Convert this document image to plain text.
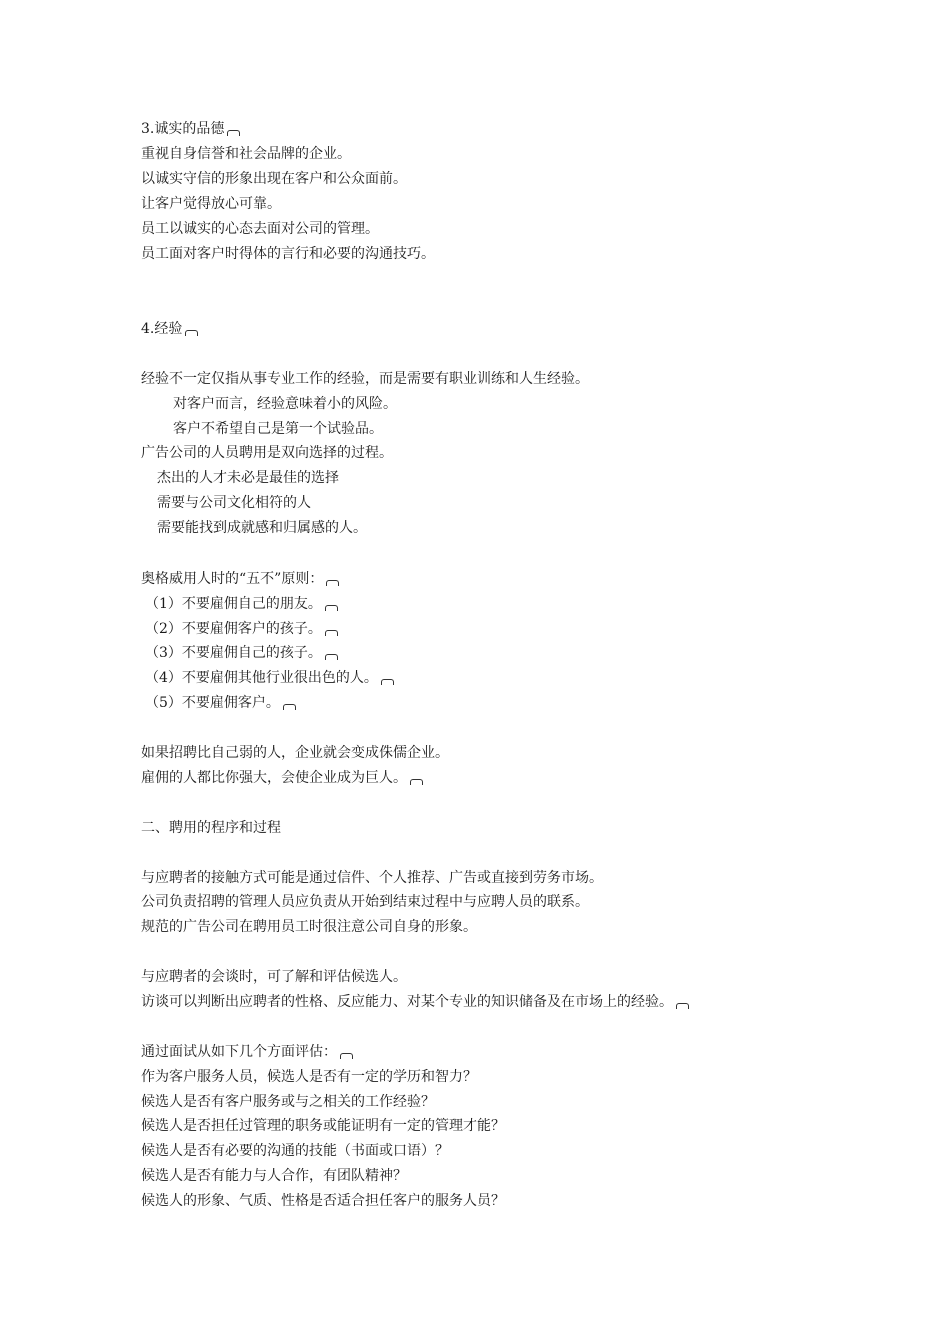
3.诚实的品德
重视自身信誉和社会品牌的企业。
以诚实守信的形象出现在客户和公众面前。
让客户觉得放心可靠。
员工以诚实的心态去面对公司的管理。
员工面对客户时得体的言行和必要的沟通技巧。
4.经验
经验不一定仅指从事专业工作的经验，而是需要有职业训练和人生经验。
对客户而言，经验意味着小的风险。
客户不希望自己是第一个试验品。
广告公司的人员聘用是双向选择的过程。
杰出的人才未必是最佳的选择
需要与公司文化相符的人
需要能找到成就感和归属感的人。
奥格威用人时的“五不”原则：
（1）不要雇佣自己的朋友。
（2）不要雇佣客户的孩子。
（3）不要雇佣自己的孩子。
（4）不要雇佣其他行业很出色的人。
（5）不要雇佣客户。
如果招聘比自己弱的人，企业就会变成侏儒企业。
雇佣的人都比你强大，会使企业成为巨人。
二、聘用的程序和过程
与应聘者的接触方式可能是通过信件、个人推荐、广告或直接到劳务市场。
公司负责招聘的管理人员应负责从开始到结束过程中与应聘人员的联系。
规范的广告公司在聘用员工时很注意公司自身的形象。
与应聘者的会谈时，可了解和评估候选人。
访谈可以判断出应聘者的性格、反应能力、对某个专业的知识储备及在市场上的经验。
通过面试从如下几个方面评估：
作为客户服务人员，候选人是否有一定的学历和智力？
候选人是否有客户服务或与之相关的工作经验？
候选人是否担任过管理的职务或能证明有一定的管理才能？
候选人是否有必要的沟通的技能（书面或口语）？
候选人是否有能力与人合作，有团队精神？
候选人的形象、气质、性格是否适合担任客户的服务人员？
